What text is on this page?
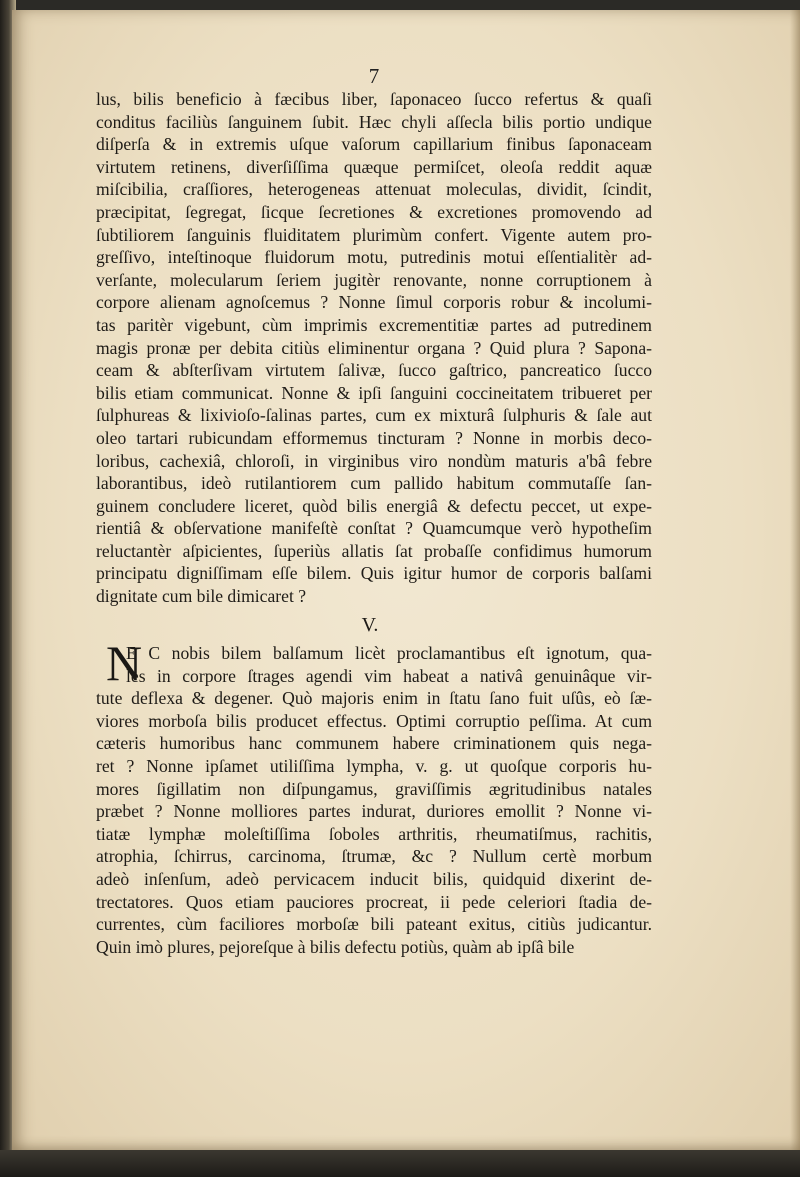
7
lus, bilis beneficio à fæcibus liber, ſaponaceo ſucco refertus & quaſi
conditus faciliùs ſanguinem ſubit. Hæc chyli aſſecla bilis portio undique
diſperſa & in extremis uſque vaſorum capillarium finibus ſaponaceam
virtutem retinens, diverſiſſima quæque permiſcet, oleoſa reddit aquæ
miſcibilia, craſſiores, heterogeneas attenuat moleculas, dividit, ſcindit,
præcipitat, ſegregat, ſicque ſecretiones & excretiones promovendo ad
ſubtiliorem ſanguinis fluiditatem plurimùm confert. Vigente autem pro-
greſſivo, inteſtinoque fluidorum motu, putredinis motui eſſentialitèr ad-
verſante, molecularum ſeriem jugitèr renovante, nonne corruptionem à
corpore alienam agnoſcemus ? Nonne ſimul corporis robur & incolumi-
tas paritèr vigebunt, cùm imprimis excrementitiæ partes ad putredinem
magis pronæ per debita citiùs eliminentur organa ? Quid plura ? Sapona-
ceam & abſterſivam virtutem ſalivæ, ſucco gaſtrico, pancreatico ſucco
bilis etiam communicat. Nonne & ipſi ſanguini coccineitatem tribueret per
ſulphureas & lixivioſo-ſalinas partes, cum ex mixturâ ſulphuris & ſale aut
oleo tartari rubicundam efformemus tincturam ? Nonne in morbis deco-
loribus, cachexiâ, chloroſi, in virginibus viro nondùm maturis a'bâ febre
laborantibus, ideò rutilantiorem cum pallido habitum commutaſſe ſan-
guinem concludere liceret, quòd bilis energiâ & defectu peccet, ut expe-
rientiâ & obſervatione manifeſtè conſtat ? Quamcumque verò hypotheſim
reluctantèr aſpicientes, ſuperiùs allatis ſat probaſſe confidimus humorum
principatu digniſſimam eſſe bilem. Quis igitur humor de corporis balſami
dignitate cum bile dimicaret ?
V.
N
E C nobis bilem balſamum licèt proclamantibus eſt ignotum, qua-
les in corpore ſtrages agendi vim habeat a nativâ genuinâque vir-
tute deflexa & degener. Quò majoris enim in ſtatu ſano fuit uſûs, eò ſæ-
viores morboſa bilis producet effectus. Optimi corruptio peſſima. At cum
cæteris humoribus hanc communem habere criminationem quis nega-
ret ? Nonne ipſamet utiliſſima lympha, v. g. ut quoſque corporis hu-
mores ſigillatim non diſpungamus, graviſſimis ægritudinibus natales
præbet ? Nonne molliores partes indurat, duriores emollit ? Nonne vi-
tiatæ lymphæ moleſtiſſima ſoboles arthritis, rheumatiſmus, rachitis,
atrophia, ſchirrus, carcinoma, ſtrumæ, &c ? Nullum certè morbum
adeò inſenſum, adeò pervicacem inducit bilis, quidquid dixerint de-
trectatores. Quos etiam pauciores procreat, ii pede celeriori ſtadia de-
currentes, cùm faciliores morboſæ bili pateant exitus, citiùs judicantur.
Quin imò plures, pejoreſque à bilis defectu potiùs, quàm ab ipſâ bile
